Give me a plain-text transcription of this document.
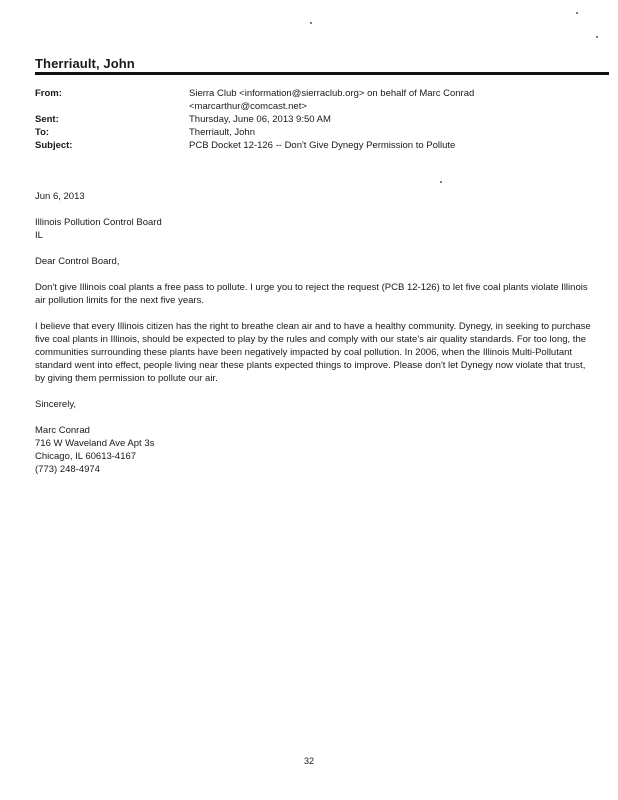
Therriault, John
From:	Sierra Club <information@sierraclub.org> on behalf of Marc Conrad
<marcarthur@comcast.net>
Sent:	Thursday, June 06, 2013 9:50 AM
To:	Therriault, John
Subject:	PCB Docket 12-126 -- Don't Give Dynegy Permission to Pollute

Jun 6, 2013

Illinois Pollution Control Board
IL

Dear Control Board,

Don't give Illinois coal plants a free pass to pollute. I urge you to reject the request (PCB 12-126) to let five coal plants violate Illinois air pollution limits for the next five years.

I believe that every Illinois citizen has the right to breathe clean air and to have a healthy community. Dynegy, in seeking to purchase five coal plants in Illinois, should be expected to play by the rules and comply with our state's air quality standards. For too long, the communities surrounding these plants have been negatively impacted by coal pollution. In 2006, when the Illinois Multi-Pollutant standard went into effect, people living near these plants expected things to improve. Please don't let Dynegy now violate that trust, by giving them permission to pollute our air.

Sincerely,

Marc Conrad
716 W Waveland Ave Apt 3s
Chicago, IL 60613-4167
(773) 248-4974

32
